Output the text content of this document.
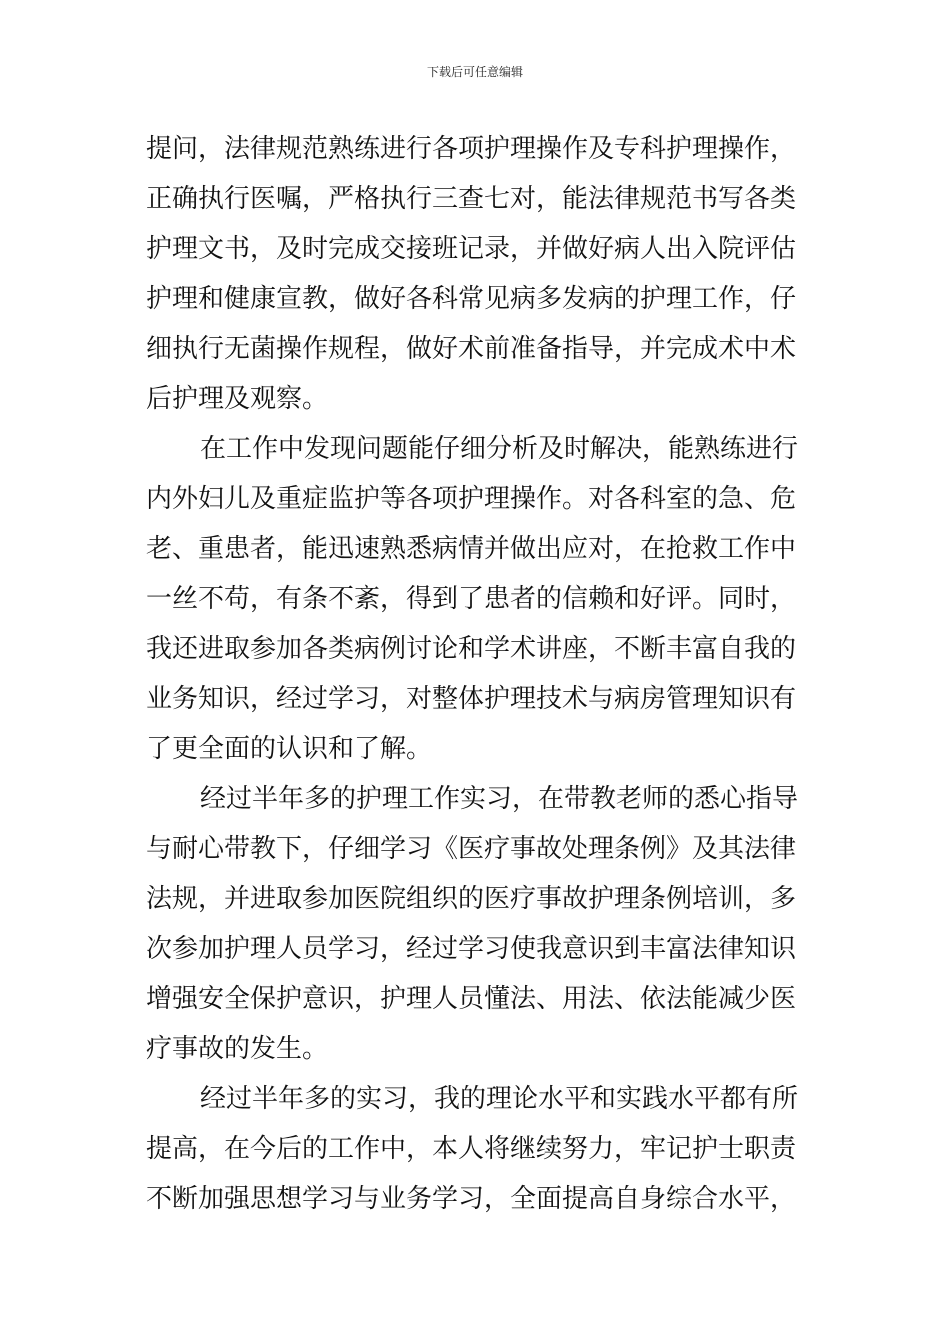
下载后可任意编辑
提问，法律规范熟练进行各项护理操作及专科护理操作，
正确执行医嘱，严格执行三查七对，能法律规范书写各类
护理文书，及时完成交接班记录，并做好病人出入院评估
护理和健康宣教，做好各科常见病多发病的护理工作，仔
细执行无菌操作规程，做好术前准备指导，并完成术中术
后护理及观察。
在工作中发现问题能仔细分析及时解决，能熟练进行
内外妇儿及重症监护等各项护理操作。对各科室的急、危
老、重患者，能迅速熟悉病情并做出应对，在抢救工作中
一丝不苟，有条不紊，得到了患者的信赖和好评。同时，
我还进取参加各类病例讨论和学术讲座，不断丰富自我的
业务知识，经过学习，对整体护理技术与病房管理知识有
了更全面的认识和了解。
经过半年多的护理工作实习，在带教老师的悉心指导
与耐心带教下，仔细学习《医疗事故处理条例》及其法律
法规，并进取参加医院组织的医疗事故护理条例培训，多
次参加护理人员学习，经过学习使我意识到丰富法律知识
增强安全保护意识，护理人员懂法、用法、依法能减少医
疗事故的发生。
经过半年多的实习，我的理论水平和实践水平都有所
提高，在今后的工作中，本人将继续努力，牢记护士职责
不断加强思想学习与业务学习，全面提高自身综合水平，
